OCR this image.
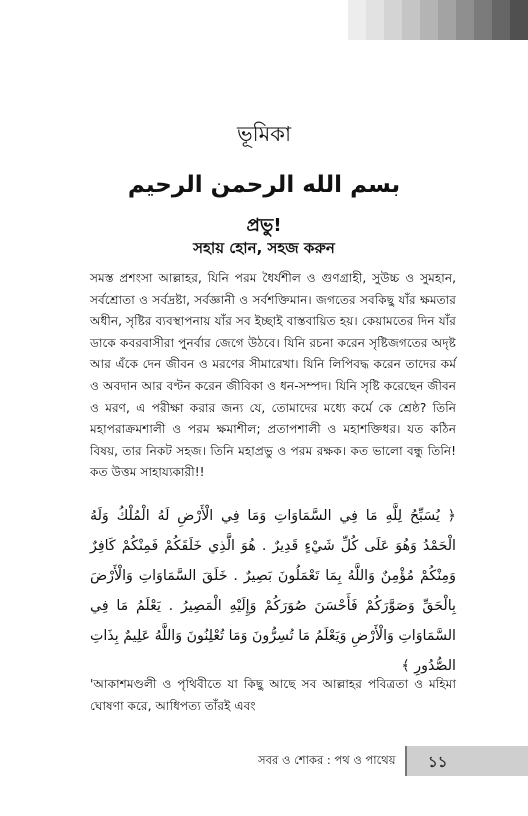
ভূমিকা
بسم الله الرحمن الرحيم
প্রভু!
সহায় হোন, সহজ করুন
সমস্ত প্রশংসা আল্লাহর, যিনি পরম ধৈর্যশীল ও গুণগ্রাহী, সুউচ্চ ও সুমহান, সর্বশ্রোতা ও সর্বদ্রষ্টা, সর্বজ্ঞানী ও সর্বশক্তিমান। জগতের সবকিছু যাঁর ক্ষমতার অধীন, সৃষ্টির ব্যবস্থাপনায় যাঁর সব ইচ্ছাই বাস্তবায়িত হয়। কেয়ামতের দিন যাঁর ডাকে কবরবাসীরা পুনর্বার জেগে উঠবে। যিনি রচনা করেন সৃষ্টিজগতের অদৃষ্ট আর এঁকে দেন জীবন ও মরণের সীমারেখা। যিনি লিপিবদ্ধ করেন তাদের কর্ম ও অবদান আর বণ্টন করেন জীবিকা ও ধন-সম্পদ। যিনি সৃষ্টি করেছেন জীবন ও মরণ, এ পরীক্ষা করার জন্য যে, তোমাদের মধ্যে কর্মে কে শ্রেষ্ঠ? তিনি মহাপরাক্রমশালী ও পরম ক্ষমাশীল; প্রতাপশালী ও মহাশক্তিধর। যত কঠিন বিষয়, তার নিকট সহজ। তিনি মহাপ্রভু ও পরম রক্ষক। কত ভালো বন্ধু তিনি! কত উত্তম সাহায্যকারী!!
﴿ يُسَبِّحُ لِلَّهِ مَا فِي السَّمَاوَاتِ وَمَا فِي الْأَرْضِ لَهُ الْمُلْكُ وَلَهُ الْحَمْدُ وَهُوَ عَلَى كُلِّ شَيْءٍ قَدِيرٌ . هُوَ الَّذِي خَلَقَكُمْ فَمِنْكُمْ كَافِرٌ وَمِنْكُمْ مُؤْمِنٌ وَاللَّهُ بِمَا تَعْمَلُونَ بَصِيرٌ . خَلَقَ السَّمَاوَاتِ وَالْأَرْضَ بِالْحَقِّ وَصَوَّرَكُمْ فَأَحْسَنَ صُوَرَكُمْ وَإِلَيْهِ الْمَصِيرُ . يَعْلَمُ مَا فِي السَّمَاوَاتِ وَالْأَرْضِ وَيَعْلَمُ مَا تُسِرُّونَ وَمَا تُعْلِنُونَ وَاللَّهُ عَلِيمٌ بِذَاتِ الصُّدُورِ ﴾
'আকাশমণ্ডলী ও পৃথিবীতে যা কিছু আছে সব আল্লাহর পবিত্রতা ও মহিমা ঘোষণা করে, আধিপত্য তাঁরই এবং
সবর ও শোকর : পথ ও পাথেয় ১১
